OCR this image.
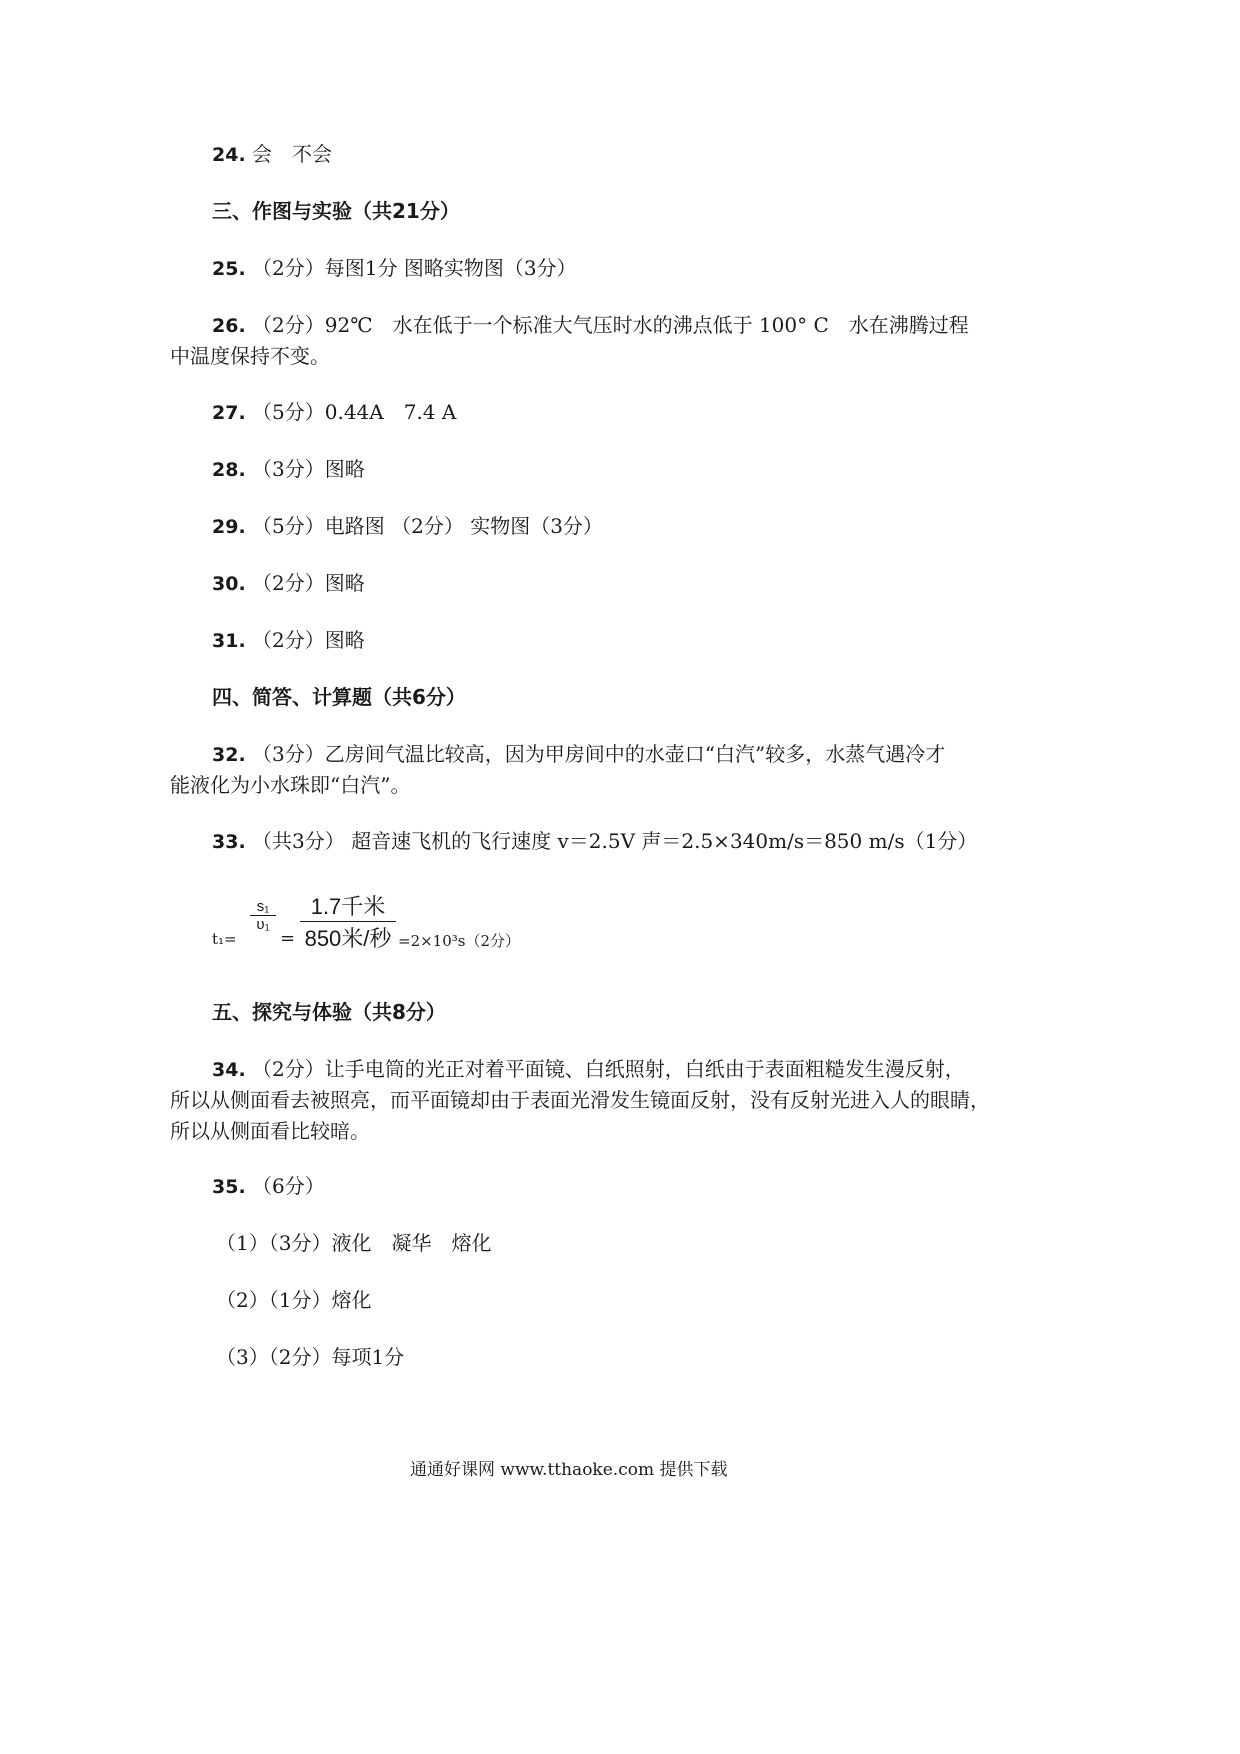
24. 会　不会
三、作图与实验（共21分）
25. （2分）每图1分 图略实物图（3分）
26. （2分）92℃　水在低于一个标准大气压时水的沸点低于 100° C　水在沸腾过程
中温度保持不变。
27. （5分）0.44A　7.4 A
28. （3分）图略
29. （5分）电路图 （2分） 实物图（3分）
30. （2分）图略
31. （2分）图略
四、简答、计算题（共6分）
32. （3分）乙房间气温比较高，因为甲房间中的水壶口“白汽”较多，水蒸气遇冷才
能液化为小水珠即“白汽”。
33. （共3分） 超音速飞机的飞行速度 v＝2.5V 声＝2.5×340m/s＝850 m/s（1分）
t₁=
$\frac{\text{s₁}}{\text{υ₁}}$
=
1.7千米
850米/秒 =2×10³s（2分）
五、探究与体验（共8分）
34. （2分）让手电筒的光正对着平面镜、白纸照射，白纸由于表面粗糙发生漫反射，
所以从侧面看去被照亮，而平面镜却由于表面光滑发生镜面反射，没有反射光进入人的眼睛，
所以从侧面看比较暗。
35. （6分）
（1）（3分）液化　凝华　熔化
（2）（1分）熔化
（3）（2分）每项1分
通通好课网 www.tthaoke.com 提供下载
